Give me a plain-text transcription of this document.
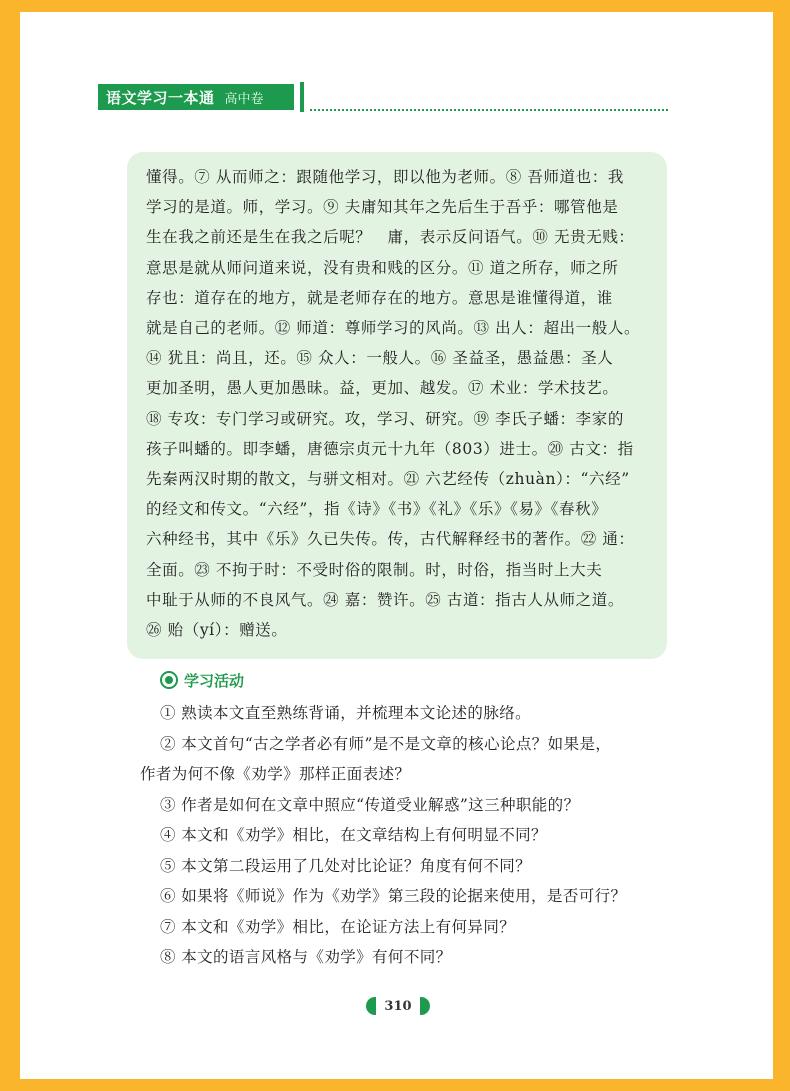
语文学习一本通 高中卷

懂得。⑦ 从而师之：跟随他学习，即以他为老师。⑧ 吾师道也：我

学习的是道。师，学习。⑨ 夫庸知其年之先后生于吾乎：哪管他是

生在我之前还是生在我之后呢？　庸，表示反问语气。⑩ 无贵无贱：

意思是就从师问道来说，没有贵和贱的区分。⑪ 道之所存，师之所

存也：道存在的地方，就是老师存在的地方。意思是谁懂得道，谁

就是自己的老师。⑫ 师道：尊师学习的风尚。⑬ 出人：超出一般人。

⑭ 犹且：尚且，还。⑮ 众人：一般人。⑯ 圣益圣，愚益愚：圣人

更加圣明，愚人更加愚昧。益，更加、越发。⑰ 术业：学术技艺。

⑱ 专攻：专门学习或研究。攻，学习、研究。⑲ 李氏子蟠：李家的

孩子叫蟠的。即李蟠，唐德宗贞元十九年（803）进士。⑳ 古文：指

先秦两汉时期的散文，与骈文相对。㉑ 六艺经传（zhuàn）：“六经”

的经文和传文。“六经”，指《诗》《书》《礼》《乐》《易》《春秋》

六种经书，其中《乐》久已失传。传，古代解释经书的著作。㉒ 通：

全面。㉓ 不拘于时：不受时俗的限制。时，时俗，指当时上大夫

中耻于从师的不良风气。㉔ 嘉：赞许。㉕ 古道：指古人从师之道。

㉖ 贻（yí）：赠送。

学习活动
① 熟读本文直至熟练背诵，并梳理本文论述的脉络。
② 本文首句“古之学者必有师”是不是文章的核心论点？如果是，
作者为何不像《劝学》那样正面表述？
③ 作者是如何在文章中照应“传道受业解惑”这三种职能的？
④ 本文和《劝学》相比，在文章结构上有何明显不同？
⑤ 本文第二段运用了几处对比论证？角度有何不同？
⑥ 如果将《师说》作为《劝学》第三段的论据来使用，是否可行？
⑦ 本文和《劝学》相比，在论证方法上有何异同？
⑧ 本文的语言风格与《劝学》有何不同？
310
